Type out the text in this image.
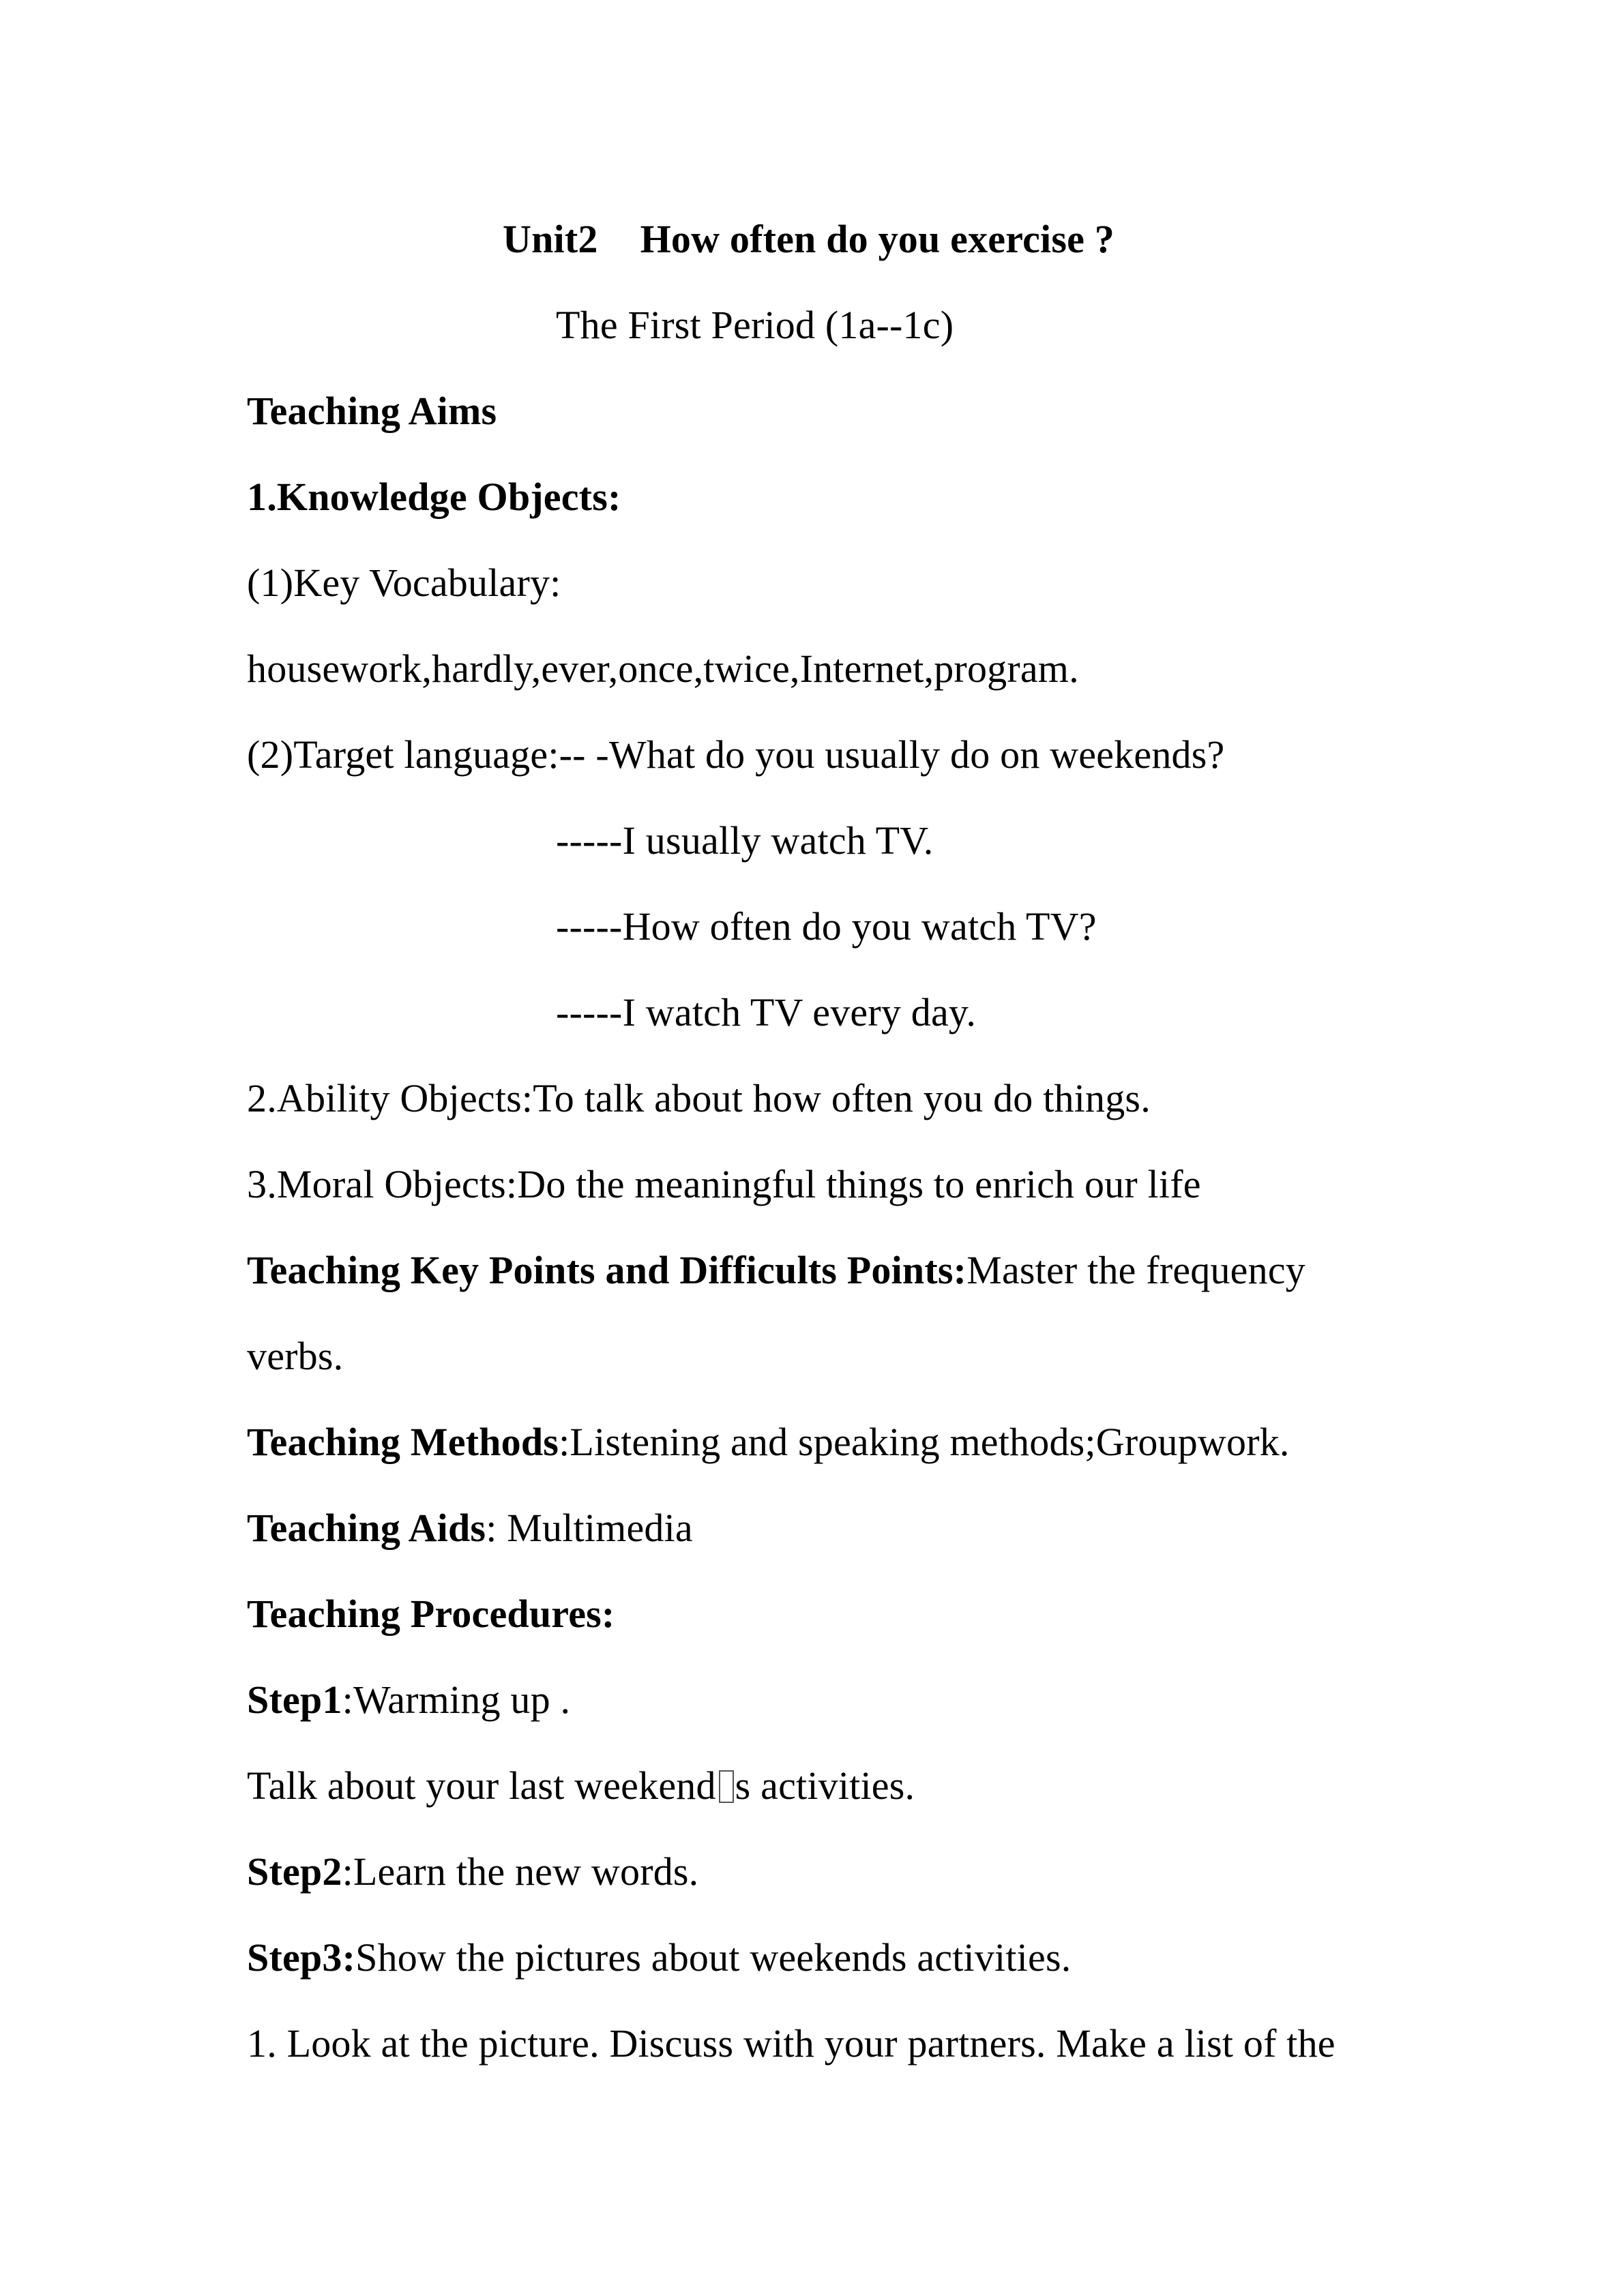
Unit2 How often do you exercise ?
The First Period (1a--1c)
Teaching Aims
1.Knowledge Objects:
(1)Key Vocabulary:
housework,hardly,ever,once,twice,Internet,program.
(2)Target language:-- -What do you usually do on weekends?
-----I usually watch TV.
-----How often do you watch TV?
-----I watch TV every day.
2.Ability Objects:To talk about how often you do things.
3.Moral Objects:Do the meaningful things to enrich our life
Teaching Key Points and Difficults Points:Master the frequency
verbs.
Teaching Methods:Listening and speaking methods;Groupwork.
Teaching Aids: Multimedia
Teaching Procedures:
Step1:Warming up .
Talk about your last weekend s activities.
Step2:Learn the new words.
Step3:Show the pictures about weekends activities.
1. Look at the picture. Discuss with your partners. Make a list of the
